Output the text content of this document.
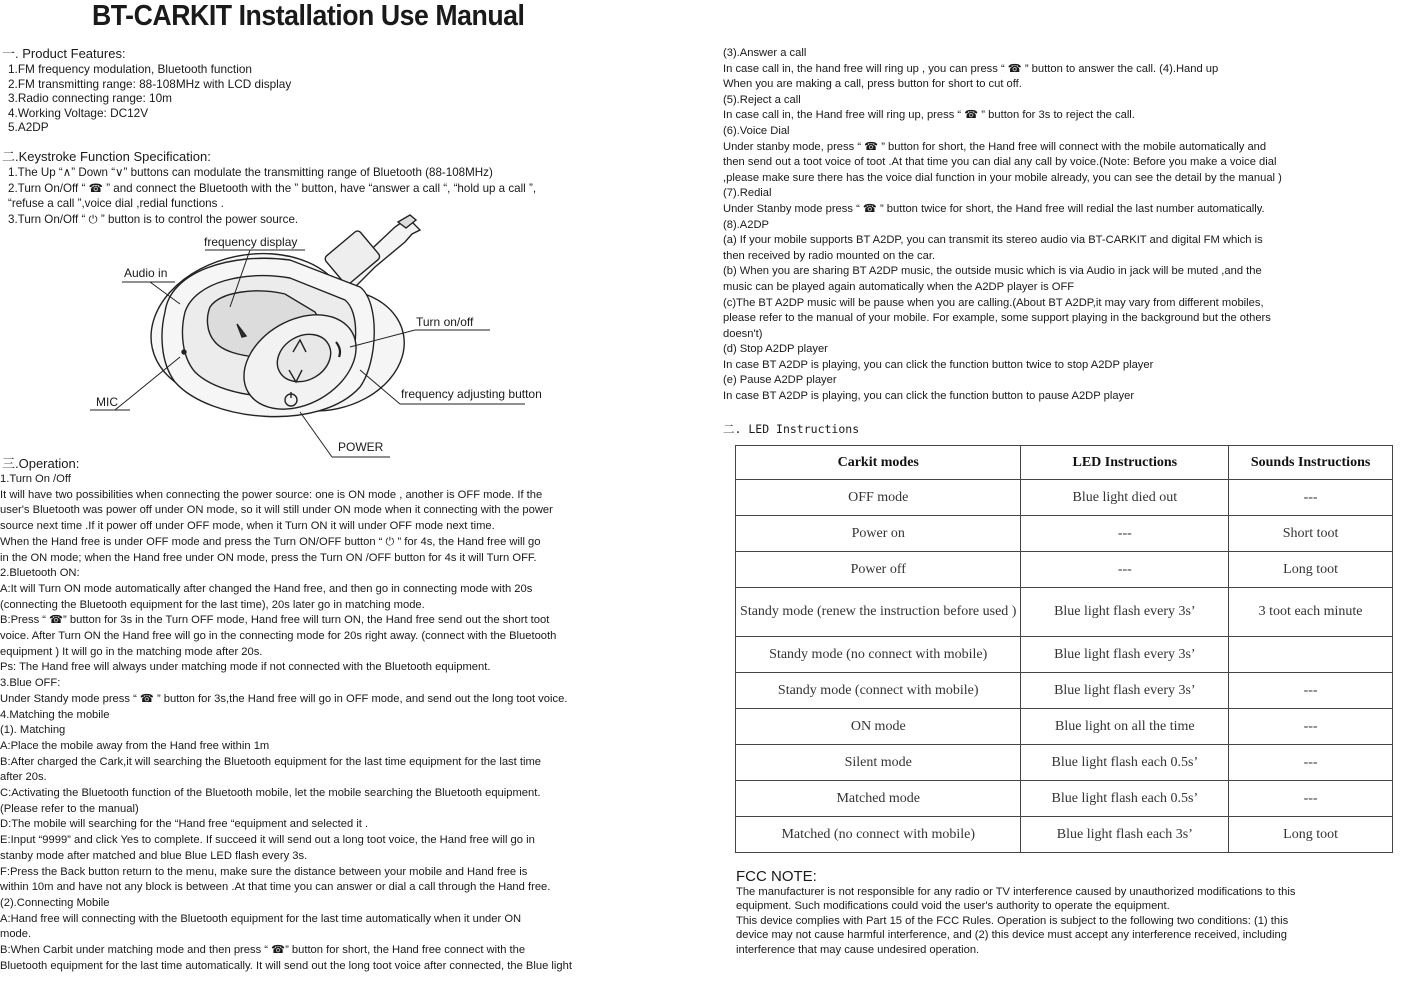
BT-CARKIT Installation Use Manual
一. Product Features:
1.FM frequency modulation, Bluetooth function
2.FM transmitting range: 88-108MHz with LCD display
3.Radio connecting range: 10m
4.Working Voltage: DC12V
5.A2DP
二.Keystroke Function Specification:
1.The Up “∧” Down “∨” buttons can modulate the transmitting range of Bluetooth (88-108MHz)
2.Turn On/Off “ ☎ ” and connect the Bluetooth with the ” button, have “answer a call “, “hold up a call ”,
“refuse a call ”,voice dial ,redial functions .
3.Turn On/Off “ ⏻ ” button is to control the power source.
frequency display
Audio in
Turn on/off
frequency adjusting button
MIC
POWER
三.Operation:
1.Turn On /Off
It will have two possibilities when connecting the power source: one is ON mode , another is OFF mode. If the
user's Bluetooth was power off under ON mode, so it will still under ON mode when it connecting with the power
source next time .If it power off under OFF mode, when it Turn ON it will under OFF mode next time.
When the Hand free is under OFF mode and press the Turn ON/OFF button “ ⏻ ” for 4s, the Hand free will go
in the ON mode; when the Hand free under ON mode, press the Turn ON /OFF button for 4s it will Turn OFF.
2.Bluetooth ON:
A:It will Turn ON mode automatically after changed the Hand free, and then go in connecting mode with 20s
(connecting the Bluetooth equipment for the last time), 20s later go in matching mode.
B:Press “ ☎” button for 3s in the Turn OFF mode, Hand free will turn ON, the Hand free send out the short toot
voice. After Turn ON the Hand free will go in the connecting mode for 20s right away. (connect with the Bluetooth
equipment ) It will go in the matching mode after 20s.
Ps: The Hand free will always under matching mode if not connected with the Bluetooth equipment.
3.Blue OFF:
Under Standy mode press “ ☎ ” button for 3s,the Hand free will go in OFF mode, and send out the long toot voice.
4.Matching the mobile
(1). Matching
A:Place the mobile away from the Hand free within 1m
B:After charged the Cark,it will searching the Bluetooth equipment for the last time equipment for the last time
after 20s.
C:Activating the Bluetooth function of the Bluetooth mobile, let the mobile searching the Bluetooth equipment.
(Please refer to the manual)
D:The mobile will searching for the “Hand free “equipment and selected it .
E:Input “9999” and click Yes to complete. If succeed it will send out a long toot voice, the Hand free will go in
stanby mode after matched and blue Blue LED flash every 3s.
F:Press the Back button return to the menu, make sure the distance between your mobile and Hand free is
within 10m and have not any block is between .At that time you can answer or dial a call through the Hand free.
(2).Connecting Mobile
A:Hand free will connecting with the Bluetooth equipment for the last time automatically when it under ON
mode.
B:When Carbit under matching mode and then press “ ☎” button for short, the Hand free connect with the
Bluetooth equipment for the last time automatically. It will send out the long toot voice after connected, the Blue light
(3).Answer a call
In case call in, the hand free will ring up , you can press “ ☎ ” button to answer the call. (4).Hand up
When you are making a call, press button for short to cut off.
(5).Reject a call
In case call in, the Hand free will ring up, press “ ☎ ” button for 3s to reject the call.
(6).Voice Dial
Under stanby mode, press “ ☎ ” button for short, the Hand free will connect with the mobile automatically and
then send out a toot voice of toot .At that time you can dial any call by voice.(Note: Before you make a voice dial
,please make sure there has the voice dial function in your mobile already, you can see the detail by the manual )
(7).Redial
Under Stanby mode press “ ☎ ” button twice for short, the Hand free will redial the last number automatically.
(8).A2DP
(a) If your mobile supports BT A2DP, you can transmit its stereo audio via BT-CARKIT and digital FM which is
then received by radio mounted on the car.
(b) When you are sharing BT A2DP music, the outside music which is via Audio in jack will be muted ,and the
music can be played again automatically when the A2DP player is OFF
(c)The BT A2DP music will be pause when you are calling.(About BT A2DP,it may vary from different mobiles,
please refer to the manual of your mobile. For example, some support playing in the background but the others
doesn't)
(d) Stop A2DP player
In case BT A2DP is playing, you can click the function button twice to stop A2DP player
(e) Pause A2DP player
In case BT A2DP is playing, you can click the function button to pause A2DP player
二. LED Instructions
Carkit modes	LED Instructions	Sounds Instructions
OFF mode	Blue light died out	---
Power on	---	Short toot
Power off	---	Long toot
Standy mode (renew the instruction before used )	Blue light flash every 3s’	3 toot each minute
Standy mode (no connect with mobile)	Blue light flash every 3s’	
Standy mode (connect with mobile)	Blue light flash every 3s’	---
ON mode	Blue light on all the time	---
Silent mode	Blue light flash each 0.5s’	---
Matched mode	Blue light flash each 0.5s’	---
Matched (no connect with mobile)	Blue light flash each 3s’	Long toot
FCC NOTE:
The manufacturer is not responsible for any radio or TV interference caused by unauthorized modifications to this
equipment. Such modifications could void the user's authority to operate the equipment.
This device complies with Part 15 of the FCC Rules. Operation is subject to the following two conditions: (1) this
device may not cause harmful interference, and (2) this device must accept any interference received, including
interference that may cause undesired operation.
